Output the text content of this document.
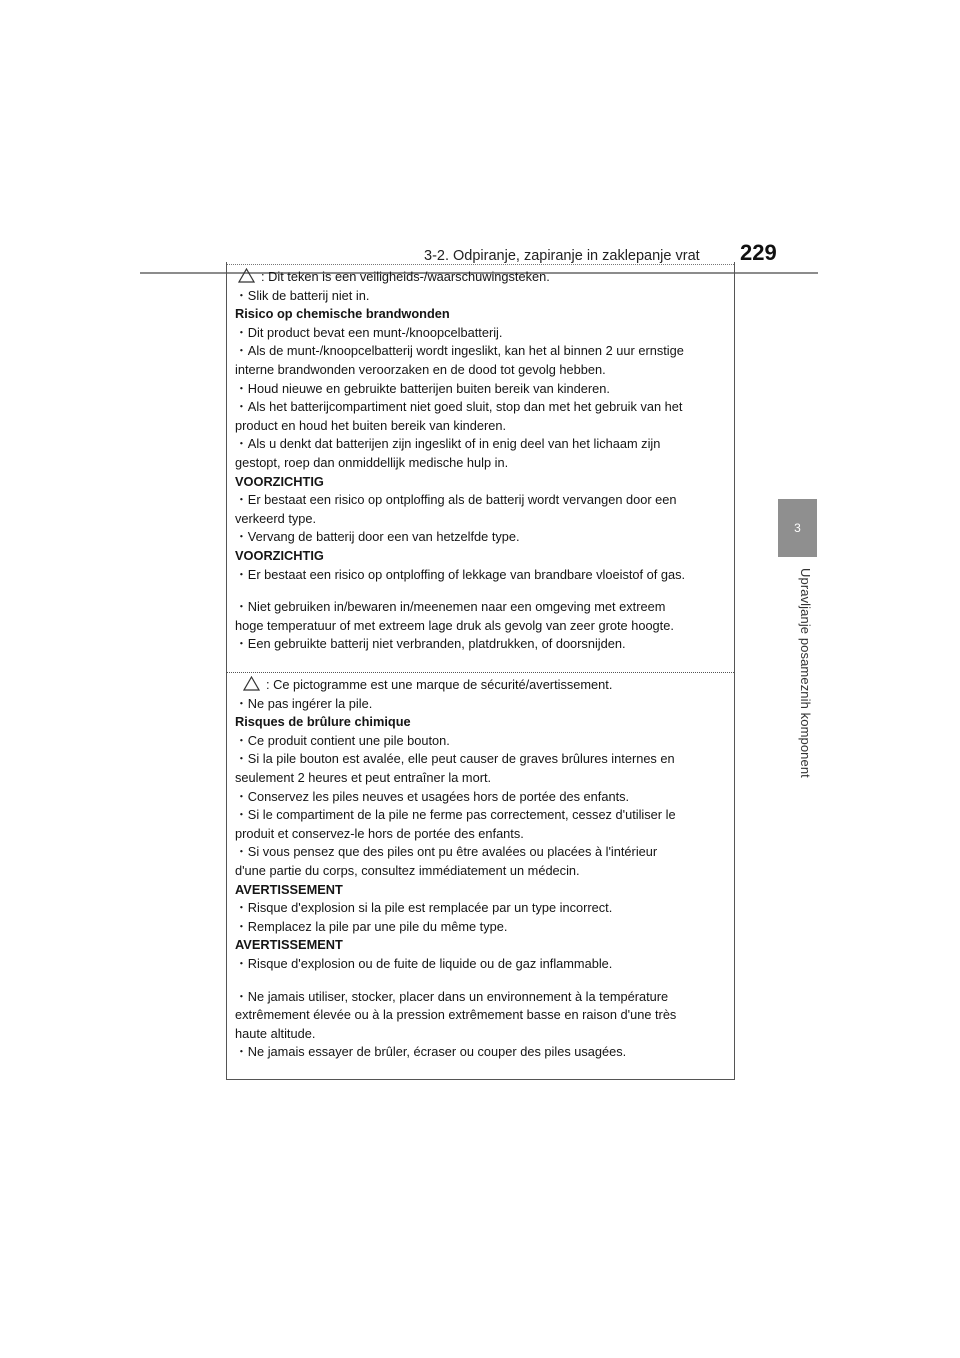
3-2. Odpiranje, zapiranje in zaklepanje vrat 229
3
Upravljanje posameznih komponent
: Dit teken is een veiligheids-/waarschuwingsteken.
・Slik de batterij niet in.
Risico op chemische brandwonden
・Dit product bevat een munt-/knoopcelbatterij.
・Als de munt-/knoopcelbatterij wordt ingeslikt, kan het al binnen 2 uur ernstige
interne brandwonden veroorzaken en de dood tot gevolg hebben.
・Houd nieuwe en gebruikte batterijen buiten bereik van kinderen.
・Als het batterijcompartiment niet goed sluit, stop dan met het gebruik van het
product en houd het buiten bereik van kinderen.
・Als u denkt dat batterijen zijn ingeslikt of in enig deel van het lichaam zijn
gestopt, roep dan onmiddellijk medische hulp in.
VOORZICHTIG
・Er bestaat een risico op ontploffing als de batterij wordt vervangen door een
verkeerd type.
・Vervang de batterij door een van hetzelfde type.
VOORZICHTIG
・Er bestaat een risico op ontploffing of lekkage van brandbare vloeistof of gas.
・Niet gebruiken in/bewaren in/meenemen naar een omgeving met extreem
hoge temperatuur of met extreem lage druk als gevolg van zeer grote hoogte.
・Een gebruikte batterij niet verbranden, platdrukken, of doorsnijden.
: Ce pictogramme est une marque de sécurité/avertissement.
・Ne pas ingérer la pile.
Risques de brûlure chimique
・Ce produit contient une pile bouton.
・Si la pile bouton est avalée, elle peut causer de graves brûlures internes en
seulement 2 heures et peut entraîner la mort.
・Conservez les piles neuves et usagées hors de portée des enfants.
・Si le compartiment de la pile ne ferme pas correctement, cessez d'utiliser le
produit et conservez-le hors de portée des enfants.
・Si vous pensez que des piles ont pu être avalées ou placées à l'intérieur
d'une partie du corps, consultez immédiatement un médecin.
AVERTISSEMENT
・Risque d'explosion si la pile est remplacée par un type incorrect.
・Remplacez la pile par une pile du même type.
AVERTISSEMENT
・Risque d'explosion ou de fuite de liquide ou de gaz inflammable.
・Ne jamais utiliser, stocker, placer dans un environnement à la température
extrêmement élevée ou à la pression extrêmement basse en raison d'une très
haute altitude.
・Ne jamais essayer de brûler, écraser ou couper des piles usagées.
